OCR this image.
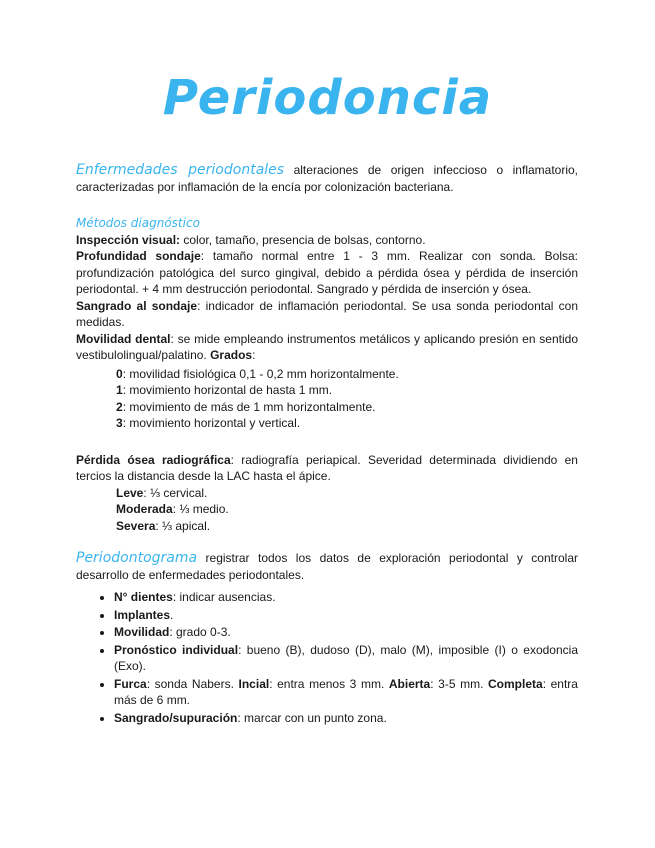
Periodoncia

Enfermedades periodontales alteraciones de origen infeccioso o inflamatorio, caracterizadas por inflamación de la encía por colonización bacteriana.

Métodos diagnóstico

Inspección visual: color, tamaño, presencia de bolsas, contorno.

Profundidad sondaje: tamaño normal entre 1 - 3 mm. Realizar con sonda. Bolsa: profundización patológica del surco gingival, debido a pérdida ósea y pérdida de inserción periodontal. + 4 mm destrucción periodontal. Sangrado y pérdida de inserción y ósea.

Sangrado al sondaje: indicador de inflamación periodontal. Se usa sonda periodontal con medidas.

Movilidad dental: se mide empleando instrumentos metálicos y aplicando presión en sentido vestibulolingual/palatino. Grados:

0: movilidad fisiológica 0,1 - 0,2 mm horizontalmente.

1: movimiento horizontal de hasta 1 mm.

2: movimiento de más de 1 mm horizontalmente.

3: movimiento horizontal y vertical.

Pérdida ósea radiográfica: radiografía periapical. Severidad determinada dividiendo en tercios la distancia desde la LAC hasta el ápice.

Leve: ⅓ cervical.

Moderada: ⅓ medio.

Severa: ⅓ apical.

Periodontograma registrar todos los datos de exploración periodontal y controlar desarrollo de enfermedades periodontales.

• N° dientes: indicar ausencias.
• Implantes.
• Movilidad: grado 0-3.
• Pronóstico individual: bueno (B), dudoso (D), malo (M), imposible (I) o exodoncia (Exo).
• Furca: sonda Nabers. Incial: entra menos 3 mm. Abierta: 3-5 mm. Completa: entra más de 6 mm.
• Sangrado/supuración: marcar con un punto zona.
